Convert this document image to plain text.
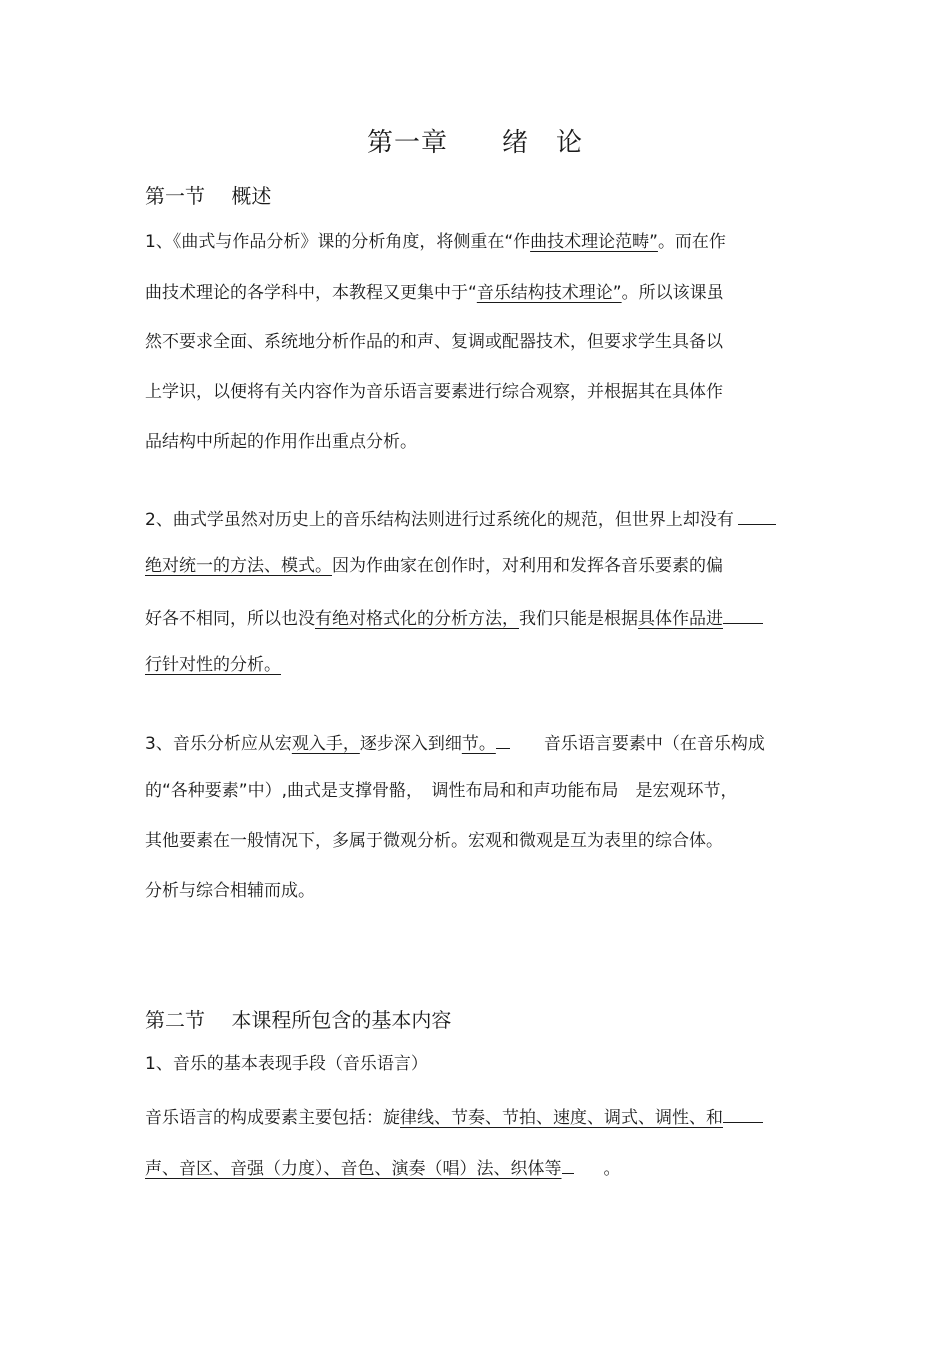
第一章　　绪　论
第一节　 概述
1、《曲式与作品分析》课的分析角度，将侧重在“作曲技术理论范畴”。而在作
曲技术理论的各学科中，本教程又更集中于“音乐结构技术理论”。所以该课虽
然不要求全面、系统地分析作品的和声、复调或配器技术，但要求学生具备以
上学识，以便将有关内容作为音乐语言要素进行综合观察，并根据其在具体作
品结构中所起的作用作出重点分析。
2、曲式学虽然对历史上的音乐结构法则进行过系统化的规范，但世界上却没有
绝对统一的方法、模式。因为作曲家在创作时，对利用和发挥各音乐要素的偏
好各不相同，所以也没有绝对格式化的分析方法，我们只能是根据具体作品进
行针对性的分析。
3、音乐分析应从宏观入手，逐步深入到细节。　　音乐语言要素中（在音乐构成
的“各种要素”中）,曲式是支撑骨骼，　调性布局和和声功能布局　是宏观环节，
其他要素在一般情况下，多属于微观分析。宏观和微观是互为表里的综合体。
分析与综合相辅而成。
第二节　 本课程所包含的基本内容
1、音乐的基本表现手段（音乐语言）
音乐语言的构成要素主要包括：旋律线、节奏、节拍、速度、调式、调性、和
声、音区、音强（力度）、音色、演奏（唱）法、织体等 。
